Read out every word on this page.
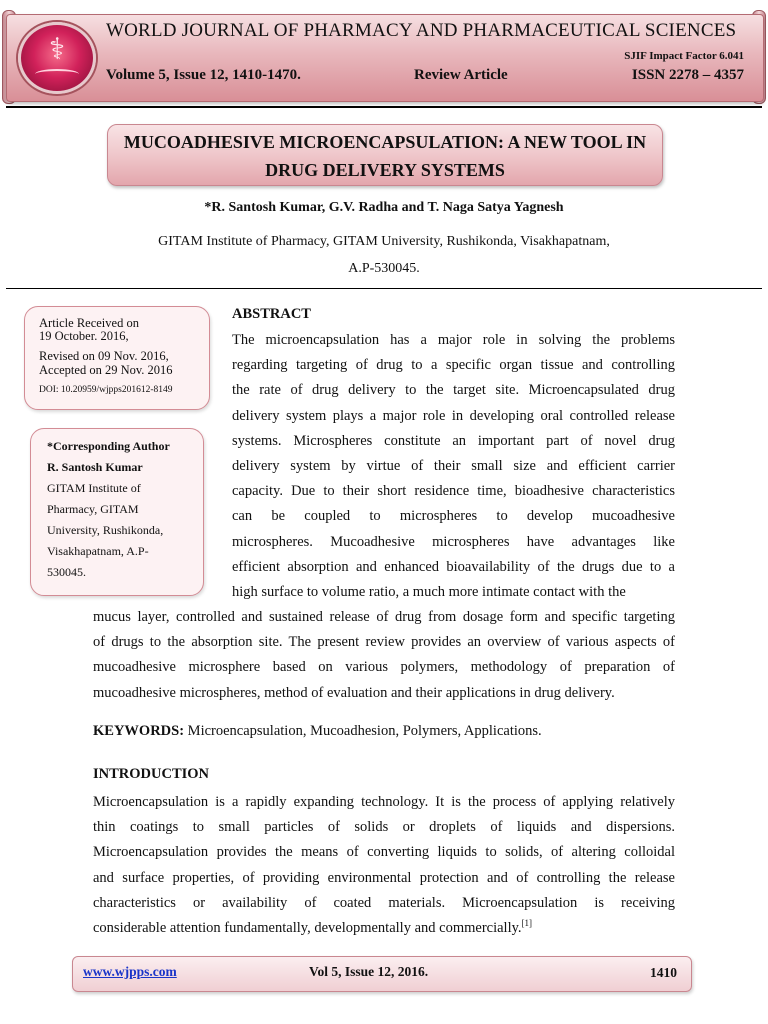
⚕
WORLD JOURNAL OF PHARMACY AND PHARMACEUTICAL SCIENCES
SJIF Impact Factor 6.041
Volume 5, Issue 12, 1410-1470.	Review Article	ISSN 2278 – 4357
MUCOADHESIVE MICROENCAPSULATION: A NEW TOOL IN
DRUG DELIVERY SYSTEMS
*R. Santosh Kumar, G.V. Radha and T. Naga Satya Yagnesh
GITAM Institute of Pharmacy, GITAM University, Rushikonda, Visakhapatnam,
A.P-530045.
Article Received on
19 October. 2016,
Revised on 09 Nov. 2016,
Accepted on 29 Nov. 2016
DOI: 10.20959/wjpps201612-8149
*Corresponding Author
R. Santosh Kumar
GITAM Institute of
Pharmacy, GITAM
University, Rushikonda,
Visakhapatnam, A.P-
530045.
ABSTRACT
The microencapsulation has a major role in solving the problems
regarding targeting of drug to a specific organ tissue and controlling
the rate of drug delivery to the target site. Microencapsulated drug
delivery system plays a major role in developing oral controlled release
systems. Microspheres constitute an important part of novel drug
delivery system by virtue of their small size and efficient carrier
capacity. Due to their short residence time, bioadhesive characteristics
can be coupled to microspheres to develop mucoadhesive
microspheres. Mucoadhesive microspheres have advantages like
efficient absorption and enhanced bioavailability of the drugs due to a
high surface to volume ratio, a much more intimate contact with the
mucus layer, controlled and sustained release of drug from dosage form and specific targeting
of drugs to the absorption site. The present review provides an overview of various aspects of
mucoadhesive microsphere based on various polymers, methodology of preparation of
mucoadhesive microspheres, method of evaluation and their applications in drug delivery.
KEYWORDS: Microencapsulation, Mucoadhesion, Polymers, Applications.
INTRODUCTION
Microencapsulation is a rapidly expanding technology. It is the process of applying relatively
thin coatings to small particles of solids or droplets of liquids and dispersions.
Microencapsulation provides the means of converting liquids to solids, of altering colloidal
and surface properties, of providing environmental protection and of controlling the release
characteristics or availability of coated materials. Microencapsulation is receiving
considerable attention fundamentally, developmentally and commercially.[1]
www.wjpps.com	Vol 5, Issue 12, 2016.	1410
